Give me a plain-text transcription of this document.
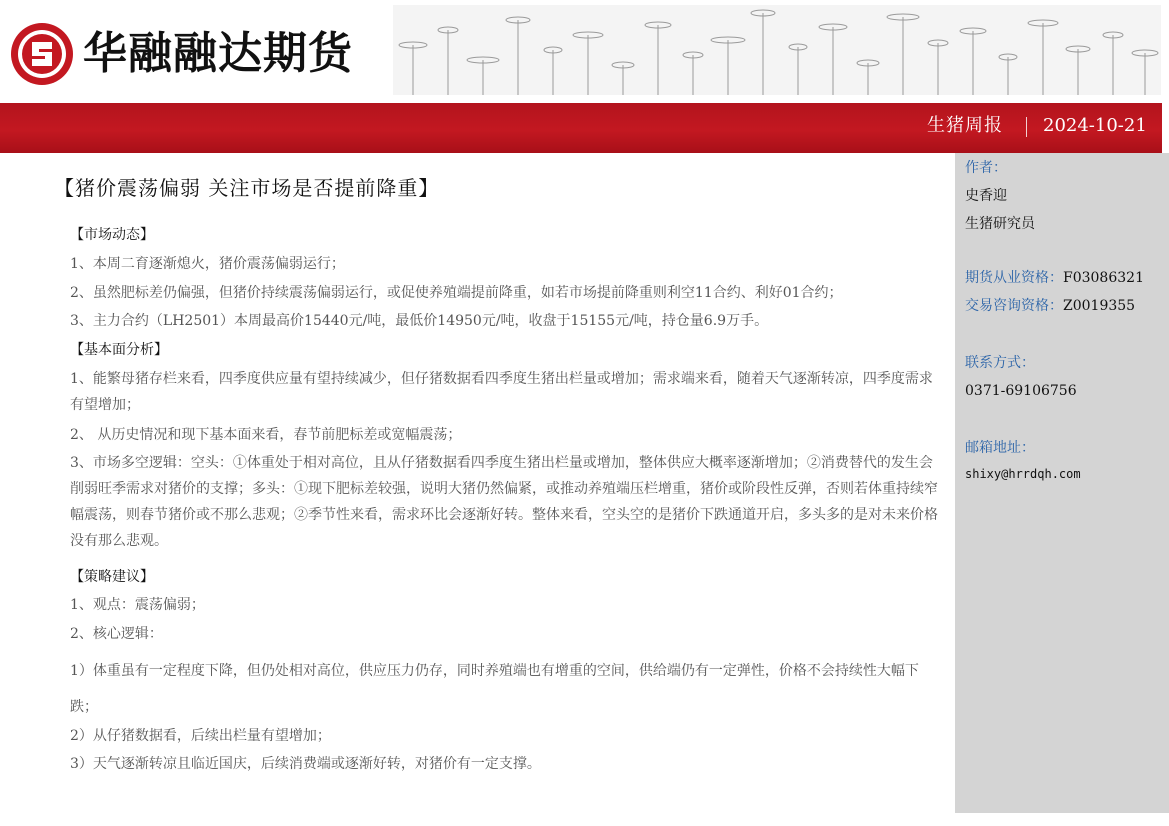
华融融达期货
生猪周报 2024-10-21
【猪价震荡偏弱 关注市场是否提前降重】
【市场动态】
1、本周二育逐渐熄火，猪价震荡偏弱运行；
2、虽然肥标差仍偏强，但猪价持续震荡偏弱运行，或促使养殖端提前降重，如若市场提前降重则利空11合约、利好01合约；
3、主力合约（LH2501）本周最高价15440元/吨，最低价14950元/吨，收盘于15155元/吨，持仓量6.9万手。
【基本面分析】
1、能繁母猪存栏来看，四季度供应量有望持续减少，但仔猪数据看四季度生猪出栏量或增加；需求端来看，随着天气逐渐转凉，四季度需求有望增加；
2、 从历史情况和现下基本面来看，春节前肥标差或宽幅震荡；
3、市场多空逻辑：空头：①体重处于相对高位，且从仔猪数据看四季度生猪出栏量或增加，整体供应大概率逐渐增加；②消费替代的发生会削弱旺季需求对猪价的支撑；多头：①现下肥标差较强，说明大猪仍然偏紧，或推动养殖端压栏增重，猪价或阶段性反弹，否则若体重持续窄幅震荡，则春节猪价或不那么悲观；②季节性来看，需求环比会逐渐好转。整体来看，空头空的是猪价下跌通道开启，多头多的是对未来价格没有那么悲观。
【策略建议】
1、观点：震荡偏弱；
2、核心逻辑：
1）体重虽有一定程度下降，但仍处相对高位，供应压力仍存，同时养殖端也有增重的空间，供给端仍有一定弹性，价格不会持续性大幅下跌；
2）从仔猪数据看，后续出栏量有望增加；
3）天气逐渐转凉且临近国庆，后续消费端或逐渐好转，对猪价有一定支撑。
作者：
史香迎
生猪研究员
期货从业资格：F03086321
交易咨询资格：Z0019355
联系方式：
0371-69106756
邮箱地址：
shixy@hrrdqh.com
